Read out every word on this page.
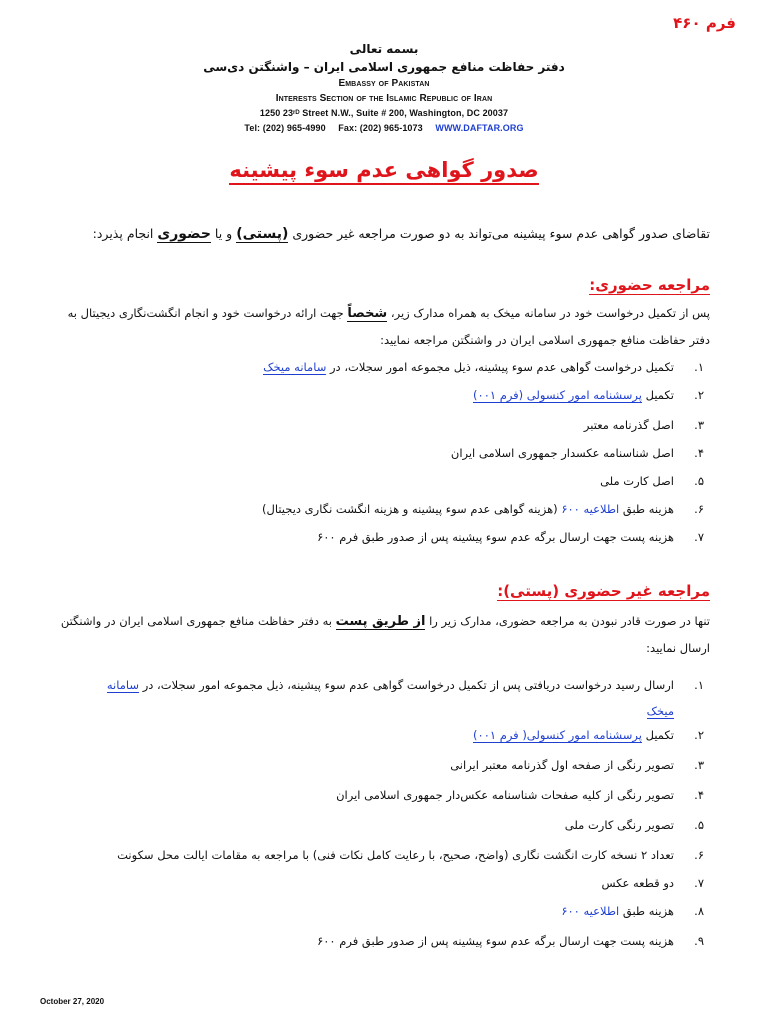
فرم ۴۶۰
بسمه تعالی
دفتر حفاظت منافع جمهوری اسلامی ایران – واشنگتن دی‌سی
Embassy of Pakistan
Interests Section of the Islamic Republic of Iran
1250 23ʳᴰ Street N.W., Suite # 200, Washington, DC 20037
Tel: (202) 965-4990 Fax: (202) 965-1073 WWW.DAFTAR.ORG
صدور گواهی عدم سوء پیشینه
تقاضای صدور گواهی عدم سوء پیشینه می‌تواند به دو صورت مراجعه غیر حضوری (پستی) و یا حضوری انجام پذیرد:
مراجعه حضوری:
پس از تکمیل درخواست خود در سامانه میخک به همراه مدارک زیر، شخصاً جهت ارائه درخواست خود و انجام انگشت‌نگاری دیجیتال به دفتر حفاظت منافع جمهوری اسلامی ایران در واشنگتن مراجعه نمایید:
۱.
تکمیل درخواست گواهی عدم سوء پیشینه، ذیل مجموعه امور سجلات، در سامانه میخک
۲.
تکمیل پرسشنامه امور کنسولی (فرم ۰۰۱)
۳.
اصل گذرنامه معتبر
۴.
اصل شناسنامه عکسدار جمهوری اسلامی ایران
۵.
اصل کارت ملی
۶.
هزینه طبق اطلاعیه ۶۰۰ (هزینه گواهی عدم سوء پیشینه و هزینه انگشت نگاری دیجیتال)
۷.
هزینه پست جهت ارسال برگه عدم سوء پیشینه پس از صدور طبق فرم ۶۰۰
مراجعه غیر حضوری (پستی):
تنها در صورت قادر نبودن به مراجعه حضوری، مدارک زیر را از طریق پست به دفتر حفاظت منافع جمهوری اسلامی ایران در واشنگتن ارسال نمایید:
۱.
ارسال رسید درخواست دریافتی پس از تکمیل درخواست گواهی عدم سوء پیشینه، ذیل مجموعه امور سجلات، در سامانه میخک
۲.
تکمیل پرسشنامه امور کنسولی( فرم ۰۰۱)
۳.
تصویر رنگی از صفحه اول گذرنامه معتبر ایرانی
۴.
تصویر رنگی از کلیه صفحات شناسنامه عکس‌دار جمهوری اسلامی ایران
۵.
تصویر رنگی کارت ملی
۶.
تعداد ۲ نسخه کارت انگشت نگاری (واضح، صحیح، با رعایت کامل نکات فنی) با مراجعه به مقامات ایالت محل سکونت
۷.
دو قطعه عکس
۸.
هزینه طبق اطلاعیه ۶۰۰
۹.
هزینه پست جهت ارسال برگه عدم سوء پیشینه پس از صدور طبق فرم ۶۰۰
October 27, 2020
